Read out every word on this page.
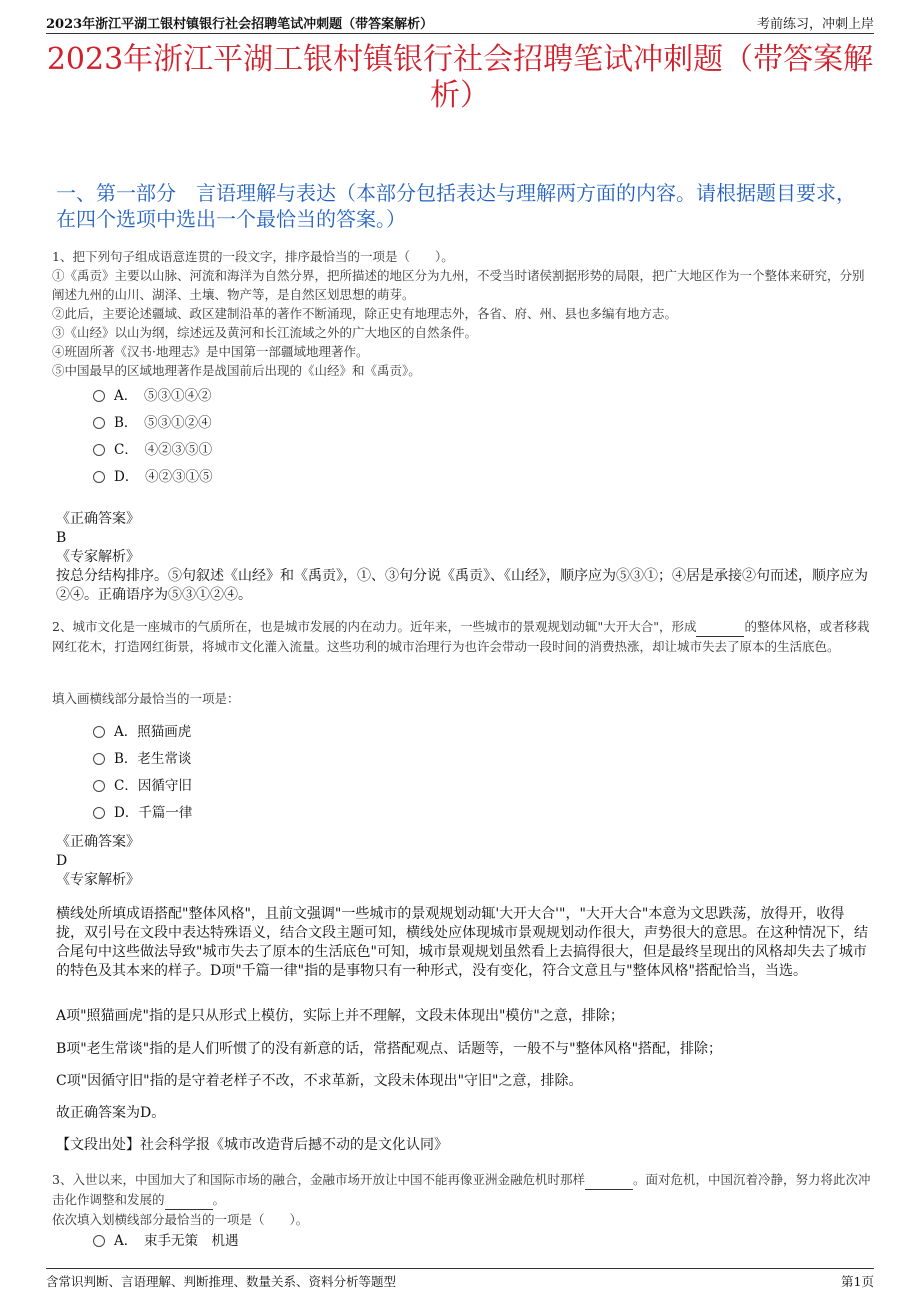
2023年浙江平湖工银村镇银行社会招聘笔试冲刺题（带答案解析）	考前练习，冲刺上岸
2023年浙江平湖工银村镇银行社会招聘笔试冲刺题（带答案解析）
一、第一部分　言语理解与表达（本部分包括表达与理解两方面的内容。请根据题目要求，在四个选项中选出一个最恰当的答案。）

1、把下列句子组成语意连贯的一段文字，排序最恰当的一项是（　　）。

①《禹贡》主要以山脉、河流和海洋为自然分界，把所描述的地区分为九州，不受当时诸侯割据形势的局限，把广大地区作为一个整体来研究，分别阐述九州的山川、湖泽、土壤、物产等，是自然区划思想的萌芽。

②此后，主要论述疆域、政区建制沿革的著作不断涌现，除正史有地理志外，各省、府、州、县也多编有地方志。

③《山经》以山为纲，综述远及黄河和长江流域之外的广大地区的自然条件。

④班固所著《汉书·地理志》是中国第一部疆域地理著作。

⑤中国最早的区域地理著作是战国前后出现的《山经》和《禹贡》。

A．　⑤③①④②
B．　⑤③①②④
C．　④②③⑤①
D．　④②③①⑤

《正确答案》

B

《专家解析》

按总分结构排序。⑤句叙述《山经》和《禹贡》，①、③句分说《禹贡》、《山经》，顺序应为⑤③①；④居是承接②句而述，顺序应为②④。正确语序为⑤③①②④。

2、城市文化是一座城市的气质所在，也是城市发展的内在动力。近年来，一些城市的景观规划动辄"大开大合"，形成	的整体风格，或者移栽网红花木，打造网红街景，将城市文化灌入流量。这些功利的城市治理行为也许会带动一段时间的消费热涨，却让城市失去了原本的生活底色。

填入画横线部分最恰当的一项是：
A．照猫画虎
B．老生常谈
C．因循守旧
D．千篇一律

《正确答案》

D

《专家解析》

横线处所填成语搭配"整体风格"，且前文强调"一些城市的景观规划动辄'大开大合'"，"大开大合"本意为文思跌荡，放得开，收得拢，双引号在文段中表达特殊语义，结合文段主题可知，横线处应体现城市景观规划动作很大，声势很大的意思。在这种情况下，结合尾句中这些做法导致"城市失去了原本的生活底色"可知，城市景观规划虽然看上去搞得很大，但是最终呈现出的风格却失去了城市的特色及其本来的样子。D项"千篇一律"指的是事物只有一种形式，没有变化，符合文意且与"整体风格"搭配恰当，当选。
A项"照猫画虎"指的是只从形式上模仿，实际上并不理解，文段未体现出"模仿"之意，排除；
B项"老生常谈"指的是人们听惯了的没有新意的话，常搭配观点、话题等，一般不与"整体风格"搭配，排除；
C项"因循守旧"指的是守着老样子不改，不求革新，文段未体现出"守旧"之意，排除。
故正确答案为D。
【文段出处】社会科学报《城市改造背后撼不动的是文化认同》

3、入世以来，中国加大了和国际市场的融合，金融市场开放让中国不能再像亚洲金融危机时那样	。面对危机，中国沉着冷静，努力将此次冲击化作调整和发展的	。

依次填入划横线部分最恰当的一项是（　　）。

A．　束手无策　机遇
含常识判断、言语理解、判断推理、数量关系、资料分析等题型	第1页
